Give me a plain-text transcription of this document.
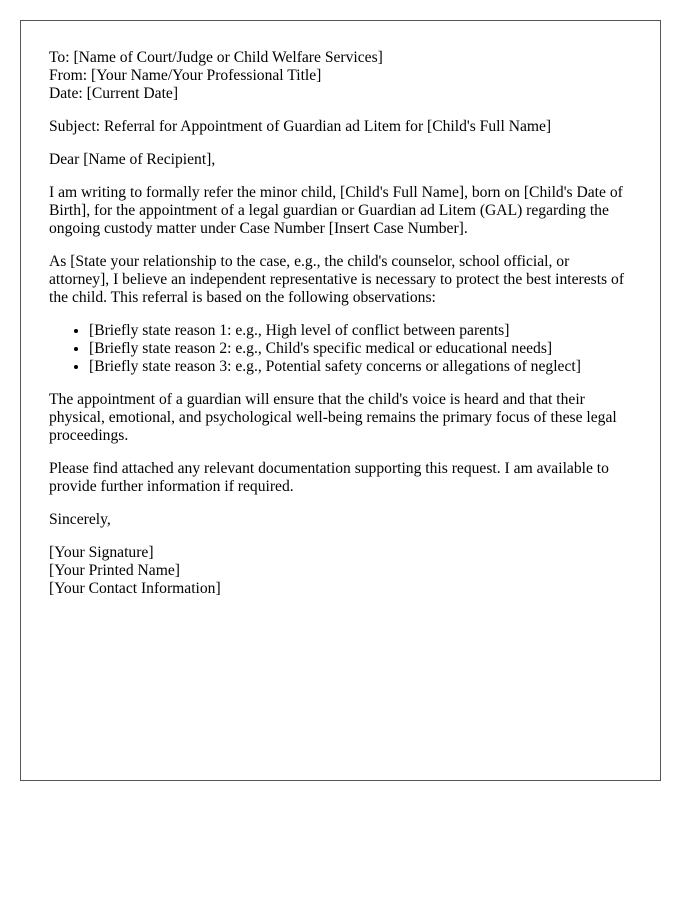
To: [Name of Court/Judge or Child Welfare Services]
From: [Your Name/Your Professional Title]
Date: [Current Date]

Subject: Referral for Appointment of Guardian ad Litem for [Child's Full Name]

Dear [Name of Recipient],

I am writing to formally refer the minor child, [Child's Full Name], born on [Child's Date of Birth], for the appointment of a legal guardian or Guardian ad Litem (GAL) regarding the ongoing custody matter under Case Number [Insert Case Number].

As [State your relationship to the case, e.g., the child's counselor, school official, or attorney], I believe an independent representative is necessary to protect the best interests of the child. This referral is based on the following observations:

• [Briefly state reason 1: e.g., High level of conflict between parents]
• [Briefly state reason 2: e.g., Child's specific medical or educational needs]
• [Briefly state reason 3: e.g., Potential safety concerns or allegations of neglect]

The appointment of a guardian will ensure that the child's voice is heard and that their physical, emotional, and psychological well-being remains the primary focus of these legal proceedings.

Please find attached any relevant documentation supporting this request. I am available to provide further information if required.

Sincerely,

[Your Signature]
[Your Printed Name]
[Your Contact Information]
